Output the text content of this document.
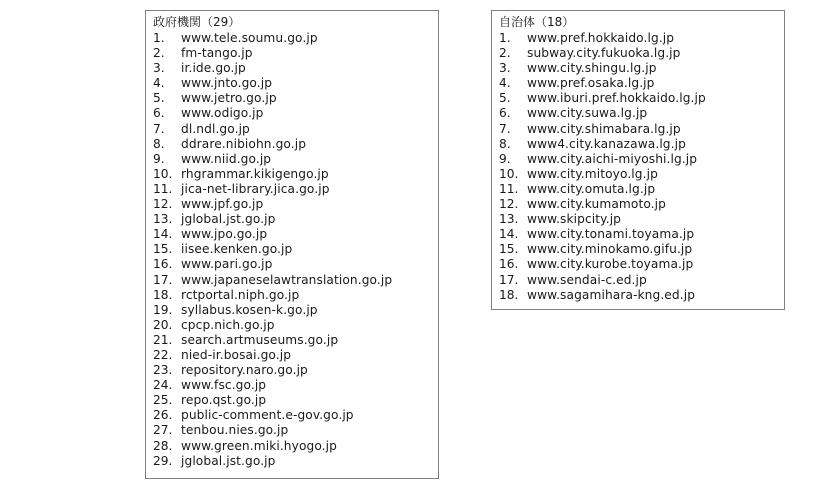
政府機関（29）
1. www.tele.soumu.go.jp
2. fm-tango.jp
3. ir.ide.go.jp
4. www.jnto.go.jp
5. www.jetro.go.jp
6. www.odigo.jp
7. dl.ndl.go.jp
8. ddrare.nibiohn.go.jp
9. www.niid.go.jp
10. rhgrammar.kikigengo.jp
11. jica-net-library.jica.go.jp
12. www.jpf.go.jp
13. jglobal.jst.go.jp
14. www.jpo.go.jp
15. iisee.kenken.go.jp
16. www.pari.go.jp
17. www.japaneselawtranslation.go.jp
18. rctportal.niph.go.jp
19. syllabus.kosen-k.go.jp
20. cpcp.nich.go.jp
21. search.artmuseums.go.jp
22. nied-ir.bosai.go.jp
23. repository.naro.go.jp
24. www.fsc.go.jp
25. repo.qst.go.jp
26. public-comment.e-gov.go.jp
27. tenbou.nies.go.jp
28. www.green.miki.hyogo.jp
29. jglobal.jst.go.jp
自治体（18）
1. www.pref.hokkaido.lg.jp
2. subway.city.fukuoka.lg.jp
3. www.city.shingu.lg.jp
4. www.pref.osaka.lg.jp
5. www.iburi.pref.hokkaido.lg.jp
6. www.city.suwa.lg.jp
7. www.city.shimabara.lg.jp
8. www4.city.kanazawa.lg.jp
9. www.city.aichi-miyoshi.lg.jp
10. www.city.mitoyo.lg.jp
11. www.city.omuta.lg.jp
12. www.city.kumamoto.jp
13. www.skipcity.jp
14. www.city.tonami.toyama.jp
15. www.city.minokamo.gifu.jp
16. www.city.kurobe.toyama.jp
17. www.sendai-c.ed.jp
18. www.sagamihara-kng.ed.jp
